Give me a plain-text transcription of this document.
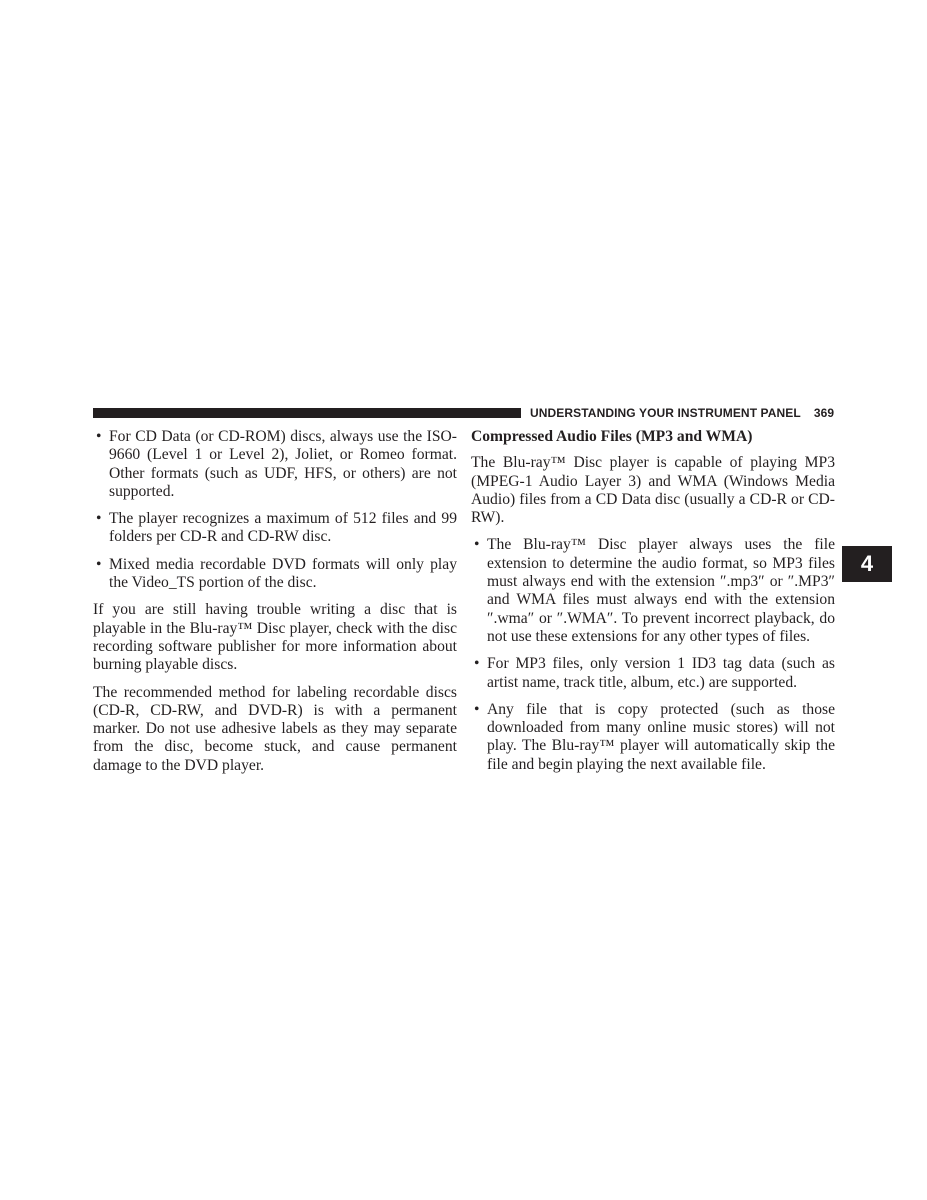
UNDERSTANDING YOUR INSTRUMENT PANEL 369
4
• For CD Data (or CD-ROM) discs, always use the ISO-9660 (Level 1 or Level 2), Joliet, or Romeo format. Other formats (such as UDF, HFS, or others) are not supported.
• The player recognizes a maximum of 512 files and 99 folders per CD-R and CD-RW disc.
• Mixed media recordable DVD formats will only play the Video_TS portion of the disc.

If you are still having trouble writing a disc that is playable in the Blu-ray™ Disc player, check with the disc recording software publisher for more information about burning playable discs.

The recommended method for labeling recordable discs (CD-R, CD-RW, and DVD-R) is with a permanent marker. Do not use adhesive labels as they may separate from the disc, become stuck, and cause permanent damage to the DVD player.

Compressed Audio Files (MP3 and WMA)

The Blu-ray™ Disc player is capable of playing MP3 (MPEG-1 Audio Layer 3) and WMA (Windows Media Audio) files from a CD Data disc (usually a CD-R or CD-RW).

• The Blu-ray™ Disc player always uses the file extension to determine the audio format, so MP3 files must always end with the extension ″.mp3″ or ″.MP3″ and WMA files must always end with the extension ″.wma″ or ″.WMA″. To prevent incorrect playback, do not use these extensions for any other types of files.
• For MP3 files, only version 1 ID3 tag data (such as artist name, track title, album, etc.) are supported.
• Any file that is copy protected (such as those downloaded from many online music stores) will not play. The Blu-ray™ player will automatically skip the file and begin playing the next available file.
